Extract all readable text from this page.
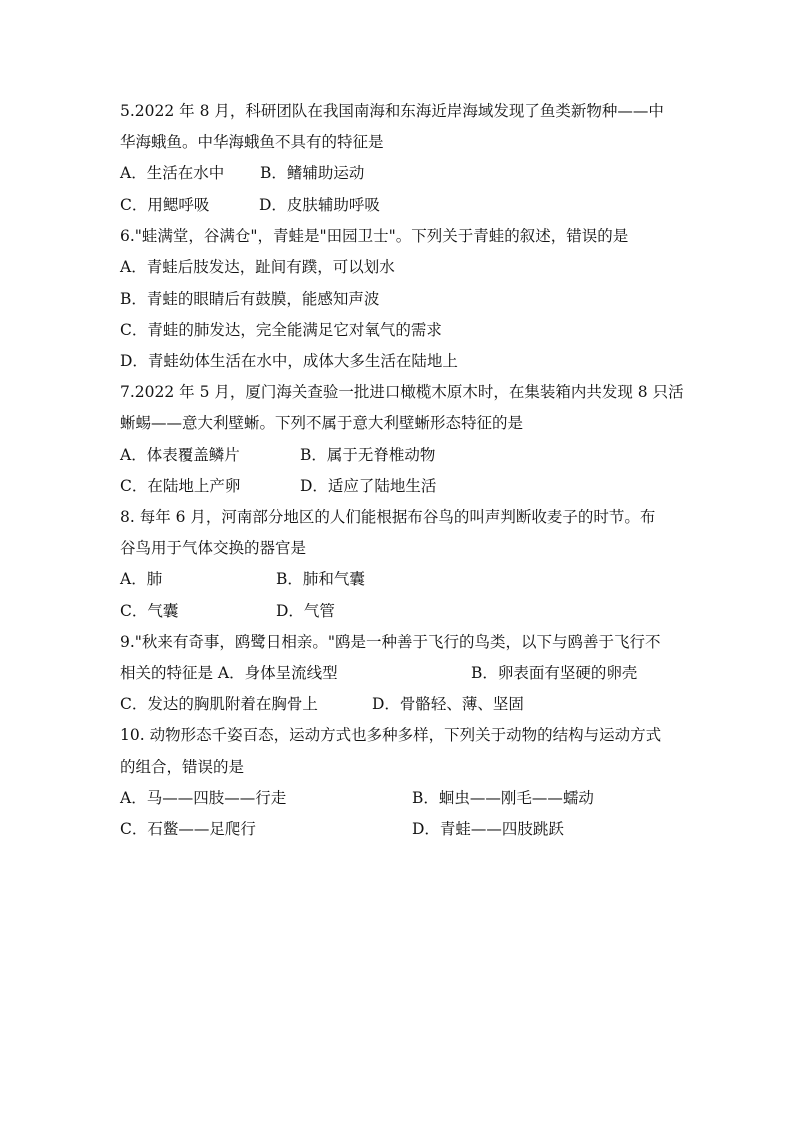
5.2022 年 8 月，科研团队在我国南海和东海近岸海域发现了鱼类新物种——中
华海蛾鱼。中华海蛾鱼不具有的特征是
A．生活在水中 B．鳍辅助运动
C．用鳃呼吸	D．皮肤辅助呼吸
6."蛙满堂，谷满仓"，青蛙是"田园卫士"。下列关于青蛙的叙述，错误的是
A．青蛙后肢发达，趾间有蹼，可以划水
B．青蛙的眼睛后有鼓膜，能感知声波
C．青蛙的肺发达，完全能满足它对氧气的需求
D．青蛙幼体生活在水中，成体大多生活在陆地上
7.2022 年 5 月，厦门海关查验一批进口橄榄木原木时，在集装箱内共发现 8 只活
蜥蜴——意大利壁蜥。下列不属于意大利壁蜥形态特征的是
A．体表覆盖鳞片	B．属于无脊椎动物
C．在陆地上产卵	D．适应了陆地生活
8. 每年 6 月，河南部分地区的人们能根据布谷鸟的叫声判断收麦子的时节。布
谷鸟用于气体交换的器官是
A．肺	B．肺和气囊
C．气囊	D．气管
9."秋来有奇事，鸥鹭日相亲。"鸥是一种善于飞行的鸟类，以下与鸥善于飞行不
相关的特征是 A．身体呈流线型	B．卵表面有坚硬的卵壳
C．发达的胸肌附着在胸骨上	D．骨骼轻、薄、坚固
10. 动物形态千姿百态，运动方式也多种多样，下列关于动物的结构与运动方式
的组合，错误的是
A．马——四肢——行走	B．蛔虫——刚毛——蠕动
C．石鳖——足爬行	D．青蛙——四肢跳跃
